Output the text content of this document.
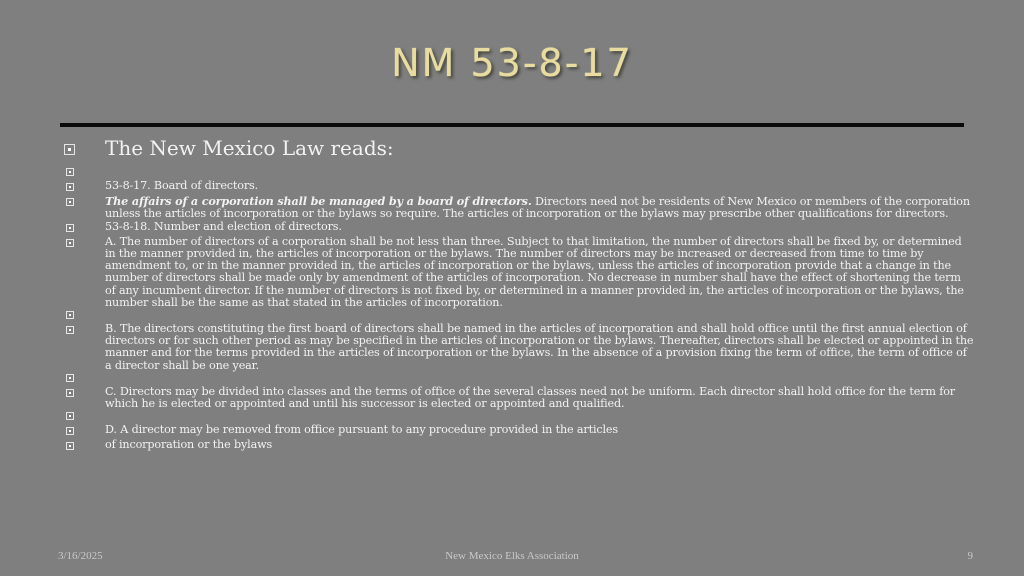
NM 53-8-17
The New Mexico Law reads:
53-8-17. Board of directors.
The affairs of a corporation shall be managed by a board of directors. Directors need not be residents of New Mexico or members of the corporation unless the articles of incorporation or the bylaws so require. The articles of incorporation or the bylaws may prescribe other qualifications for directors.
53-8-18. Number and election of directors.
A. The number of directors of a corporation shall be not less than three. Subject to that limitation, the number of directors shall be fixed by, or determined in the manner provided in, the articles of incorporation or the bylaws. The number of directors may be increased or decreased from time to time by amendment to, or in the manner provided in, the articles of incorporation or the bylaws, unless the articles of incorporation provide that a change in the number of directors shall be made only by amendment of the articles of incorporation. No decrease in number shall have the effect of shortening the term of any incumbent director. If the number of directors is not fixed by, or determined in a manner provided in, the articles of incorporation or the bylaws, the number shall be the same as that stated in the articles of incorporation.
B. The directors constituting the first board of directors shall be named in the articles of incorporation and shall hold office until the first annual election of directors or for such other period as may be specified in the articles of incorporation or the bylaws. Thereafter, directors shall be elected or appointed in the manner and for the terms provided in the articles of incorporation or the bylaws. In the absence of a provision fixing the term of office, the term of office of a director shall be one year.
C. Directors may be divided into classes and the terms of office of the several classes need not be uniform. Each director shall hold office for the term for which he is elected or appointed and until his successor is elected or appointed and qualified.
D. A director may be removed from office pursuant to any procedure provided in the articles
of incorporation or the bylaws
3/16/2025	New Mexico Elks Association	9
